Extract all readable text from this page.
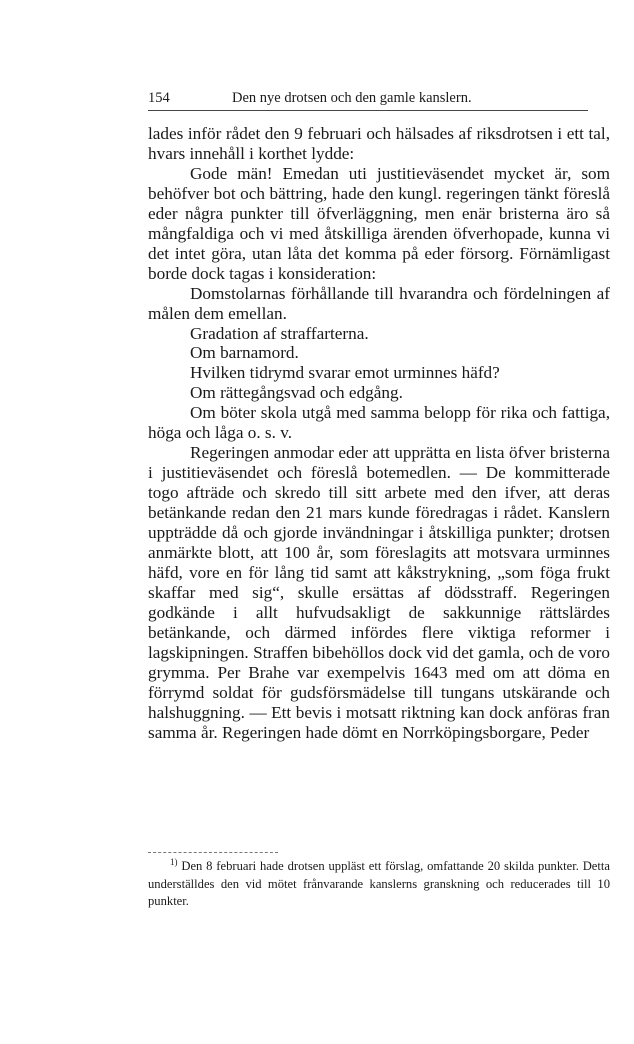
154	Den nye drotsen och den gamle kanslern.

lades inför rådet den 9 februari och hälsades af riksdrotsen i ett tal, hvars innehåll i korthet lydde:

Gode män! Emedan uti justitieväsendet mycket är, som behöfver bot och bättring, hade den kungl. regeringen tänkt föreslå eder några punkter till öfverläggning, men enär bristerna äro så mångfaldiga och vi med åtskilliga ärenden öfverhopade, kunna vi det intet göra, utan låta det komma på eder försorg. Förnämligast borde dock tagas i konsideration:

Domstolarnas förhållande till hvarandra och fördelningen af målen dem emellan.

Gradation af straffarterna.

Om barnamord.

Hvilken tidrymd svarar emot urminnes häfd?

Om rättegångsvad och edgång.

Om böter skola utgå med samma belopp för rika och fattiga, höga och låga o. s. v.

Regeringen anmodar eder att upprätta en lista öfver bristerna i justitieväsendet och föreslå botemedlen. — De kommitterade togo afträde och skredo till sitt arbete med den ifver, att deras betänkande redan den 21 mars kunde föredragas i rådet. Kanslern uppträdde då och gjorde invändningar i åtskilliga punkter; drotsen anmärkte blott, att 100 år, som föreslagits att motsvara urminnes häfd, vore en för lång tid samt att kåkstrykning, „som föga frukt skaffar med sig“, skulle ersättas af dödsstraff. Regeringen godkände i allt hufvudsakligt de sakkunnige rättslärdes betänkande, och därmed infördes flere viktiga reformer i lagskipningen. Straffen bibehöllos dock vid det gamla, och de voro grymma. Per Brahe var exempelvis 1643 med om att döma en förrymd soldat för gudsförsmädelse till tungans utskärande och halshuggning. — Ett bevis i motsatt riktning kan dock anföras fran samma år. Regeringen hade dömt en Norrköpingsborgare, Peder

$^{1)}$ Den 8 februari hade drotsen uppläst ett förslag, omfattande 20 skilda punkter. Detta underställdes den vid mötet frånvarande kanslerns granskning och reducerades till 10 punkter.
